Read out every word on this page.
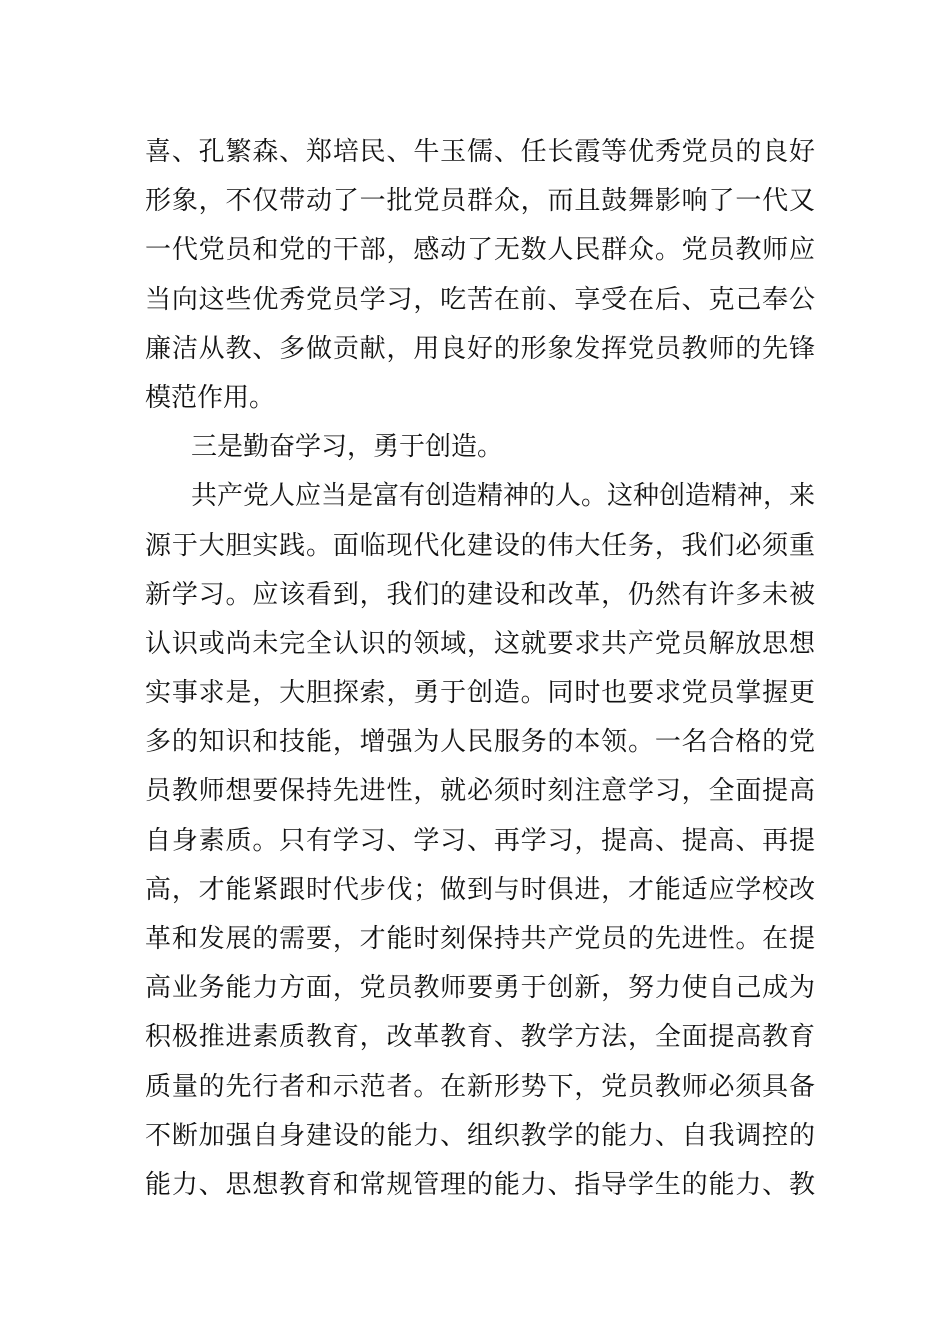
喜、孔繁森、郑培民、牛玉儒、任长霞等优秀党员的良好
形象，不仅带动了一批党员群众，而且鼓舞影响了一代又
一代党员和党的干部，感动了无数人民群众。党员教师应
当向这些优秀党员学习，吃苦在前、享受在后、克己奉公
廉洁从教、多做贡献，用良好的形象发挥党员教师的先锋
模范作用。
三是勤奋学习，勇于创造。
共产党人应当是富有创造精神的人。这种创造精神，来
源于大胆实践。面临现代化建设的伟大任务，我们必须重
新学习。应该看到，我们的建设和改革，仍然有许多未被
认识或尚未完全认识的领域，这就要求共产党员解放思想
实事求是，大胆探索，勇于创造。同时也要求党员掌握更
多的知识和技能，增强为人民服务的本领。一名合格的党
员教师想要保持先进性，就必须时刻注意学习，全面提高
自身素质。只有学习、学习、再学习，提高、提高、再提
高，才能紧跟时代步伐；做到与时俱进，才能适应学校改
革和发展的需要，才能时刻保持共产党员的先进性。在提
高业务能力方面，党员教师要勇于创新，努力使自己成为
积极推进素质教育，改革教育、教学方法，全面提高教育
质量的先行者和示范者。在新形势下，党员教师必须具备
不断加强自身建设的能力、组织教学的能力、自我调控的
能力、思想教育和常规管理的能力、指导学生的能力、教
